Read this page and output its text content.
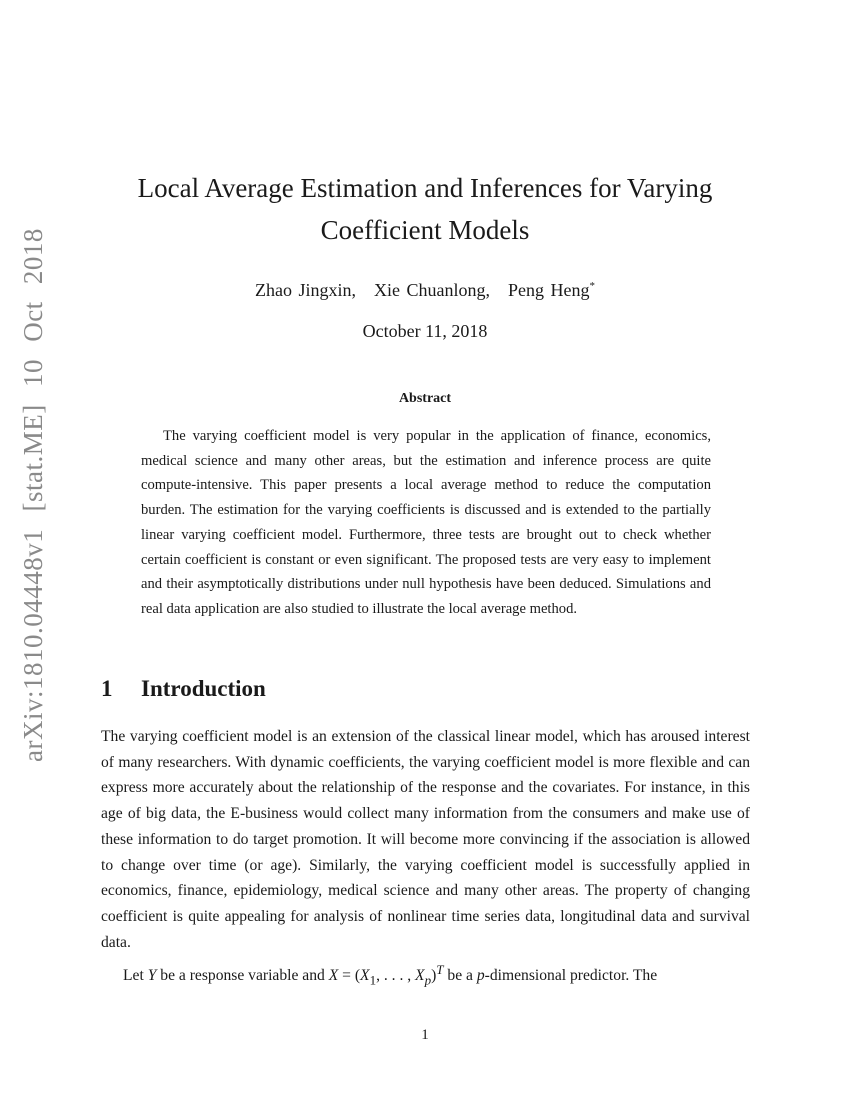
arXiv:1810.04448v1 [stat.ME] 10 Oct 2018
Local Average Estimation and Inferences for Varying
Coefficient Models
Zhao Jingxin, Xie Chuanlong, Peng Heng*
October 11, 2018
Abstract

The varying coefficient model is very popular in the application of finance, economics, medical science and many other areas, but the estimation and inference process are quite compute-intensive. This paper presents a local average method to reduce the computation burden. The estimation for the varying coefficients is discussed and is extended to the partially linear varying coefficient model. Furthermore, three tests are brought out to check whether certain coefficient is constant or even significant. The proposed tests are very easy to implement and their asymptotically distributions under null hypothesis have been deduced. Simulations and real data application are also studied to illustrate the local average method.

1 Introduction

The varying coefficient model is an extension of the classical linear model, which has aroused interest of many researchers. With dynamic coefficients, the varying coefficient model is more flexible and can express more accurately about the relationship of the response and the covariates. For instance, in this age of big data, the E-business would collect many information from the consumers and make use of these information to do target promotion. It will become more convincing if the association is allowed to change over time (or age). Similarly, the varying coefficient model is successfully applied in economics, finance, epidemiology, medical science and many other areas. The property of changing coefficient is quite appealing for analysis of nonlinear time series data, longitudinal data and survival data.

Let Y be a response variable and $X = (X_1$, . . . , $X_p)^T$ be a p-dimensional predictor. The

1
